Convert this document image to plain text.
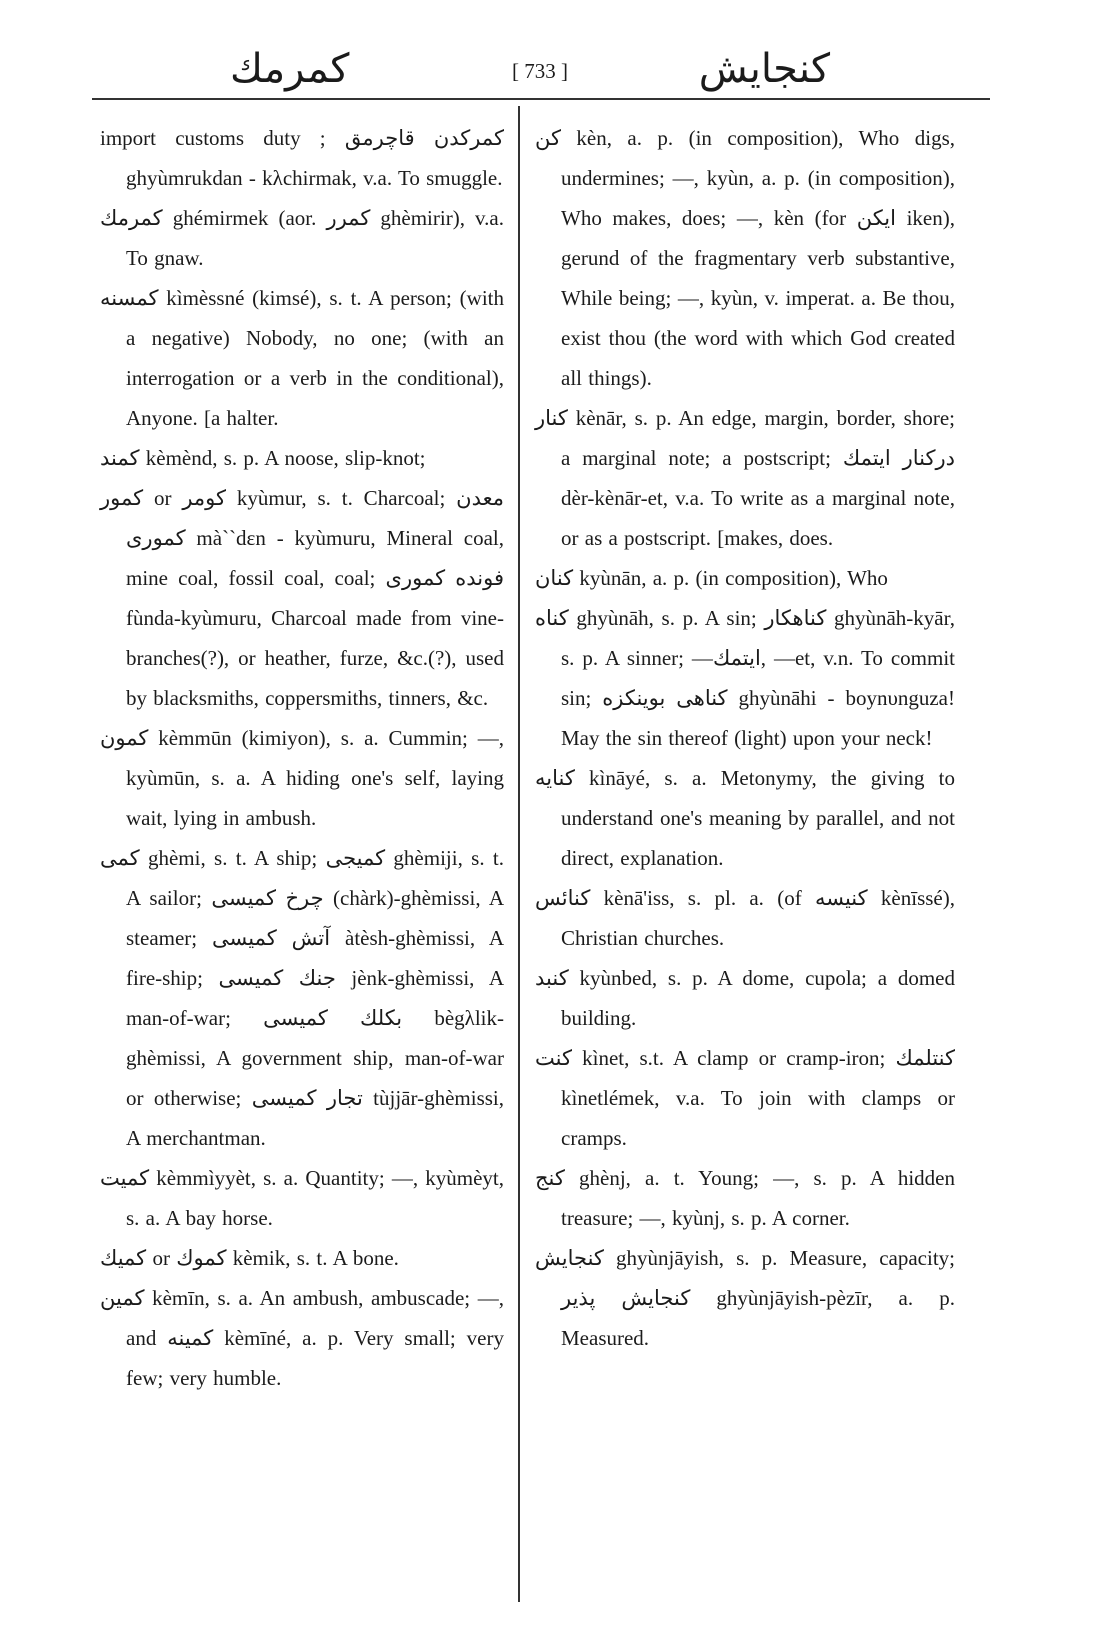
کمرمك	[ 733 ]	کنجایش

import customs duty ; كمركدن قاچرمق ghyùmrukdan - kλchirmak, v.a. To smuggle.

كمرمك ghémirmek (aor. كمرر ghèmirir), v.a. To gnaw.

كمسنه kìmèssné (kimsé), s. t. A person; (with a negative) Nobody, no one; (with an interrogation or a verb in the conditional), Anyone. [a halter.

كمند kèmènd, s. p. A noose, slip-knot;

كمور or كومر kyùmur, s. t. Charcoal; معدن كمورى mà``dεn - kyùmuru, Mineral coal, mine coal, fossil coal, coal; فونده كمورى fùnda-kyùmuru, Charcoal made from vine-branches(?), or heather, furze, &c.(?), used by blacksmiths, coppersmiths, tinners, &c.

كمون kèmmūn (kimiyon), s. a. Cummin; —, kyùmūn, s. a. A hiding one's self, laying wait, lying in ambush.

كمى ghèmi, s. t. A ship; كمیجى ghèmiji, s. t. A sailor; چرخ كمیسى (chàrk)-ghèmissi, A steamer; آتش كمیسى àtèsh-ghèmissi, A fire-ship; جنك كمیسى jènk-ghèmissi, A man-of-war; بكلك كمیسى bègλlik-ghèmissi, A government ship, man-of-war or otherwise; تجار كمیسى tùjjār-ghèmissi, A merchantman.

كمیت kèmmìyyèt, s. a. Quantity; —, kyùmèyt, s. a. A bay horse.

كمیك or كموك kèmik, s. t. A bone.

كمین kèmīn, s. a. An ambush, ambuscade; —, and كمینه kèmīné, a. p. Very small; very few; very humble.

كن kèn, a. p. (in composition), Who digs, undermines; —, kyùn, a. p. (in composition), Who makes, does; —, kèn (for ایكن iken), gerund of the fragmentary verb substantive, While being; —, kyùn, v. imperat. a. Be thou, exist thou (the word with which God created all things).

كنار kènār, s. p. An edge, margin, border, shore; a marginal note; a postscript; دركنار ایتمك dèr-kènār-et, v.a. To write as a marginal note, or as a postscript. [makes, does.

كنان kyùnān, a. p. (in composition), Who

كناه ghyùnāh, s. p. A sin; كناهكار ghyùnāh-kyār, s. p. A sinner; —ایتمك, —et, v.n. To commit sin; كناهى بوینكزه ghyùnāhi - boynυnguza! May the sin thereof (light) upon your neck!

كنایه kìnāyé, s. a. Metonymy, the giving to understand one's meaning by parallel, and not direct, explanation.

كنائس kènā'iss, s. pl. a. (of كنیسه kènīssé), Christian churches.

كنبد kyùnbed, s. p. A dome, cupola; a domed building.

كنت kìnet, s.t. A clamp or cramp-iron; كنتلمك kìnetlémek, v.a. To join with clamps or cramps.

كنج ghènj, a. t. Young; —, s. p. A hidden treasure; —, kyùnj, s. p. A corner.

كنجایش ghyùnjāyish, s. p. Measure, capacity; كنجایش پذیر ghyùnjāyish-pèzīr, a. p. Measured.
